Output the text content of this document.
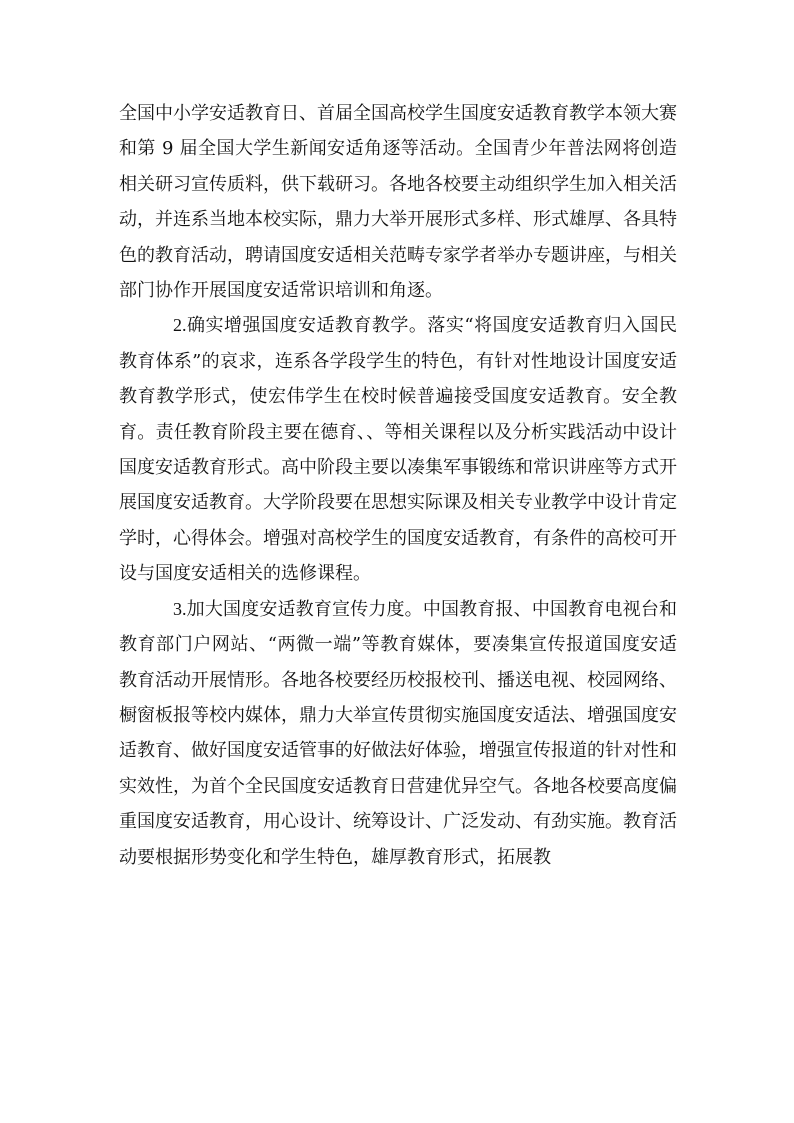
全国中小学安适教育日、首届全国高校学生国度安适教育教学本领大赛和第 9 届全国大学生新闻安适角逐等活动。全国青少年普法网将创造相关研习宣传质料，供下载研习。各地各校要主动组织学生加入相关活动，并连系当地本校实际，鼎力大举开展形式多样、形式雄厚、各具特色的教育活动，聘请国度安适相关范畴专家学者举办专题讲座，与相关部门协作开展国度安适常识培训和角逐。

2.确实增强国度安适教育教学。落实“将国度安适教育归入国民教育体系”的哀求，连系各学段学生的特色，有针对性地设计国度安适教育教学形式，使宏伟学生在校时候普遍接受国度安适教育。安全教育。责任教育阶段主要在德育、、等相关课程以及分析实践活动中设计国度安适教育形式。高中阶段主要以凑集军事锻练和常识讲座等方式开展国度安适教育。大学阶段要在思想实际课及相关专业教学中设计肯定学时，心得体会。增强对高校学生的国度安适教育，有条件的高校可开设与国度安适相关的选修课程。

3.加大国度安适教育宣传力度。中国教育报、中国教育电视台和教育部门户网站、“两微一端”等教育媒体，要凑集宣传报道国度安适教育活动开展情形。各地各校要经历校报校刊、播送电视、校园网络、橱窗板报等校内媒体，鼎力大举宣传贯彻实施国度安适法、增强国度安适教育、做好国度安适管事的好做法好体验，增强宣传报道的针对性和实效性，为首个全民国度安适教育日营建优异空气。各地各校要高度偏重国度安适教育，用心设计、统筹设计、广泛发动、有劲实施。教育活动要根据形势变化和学生特色，雄厚教育形式，拓展教
